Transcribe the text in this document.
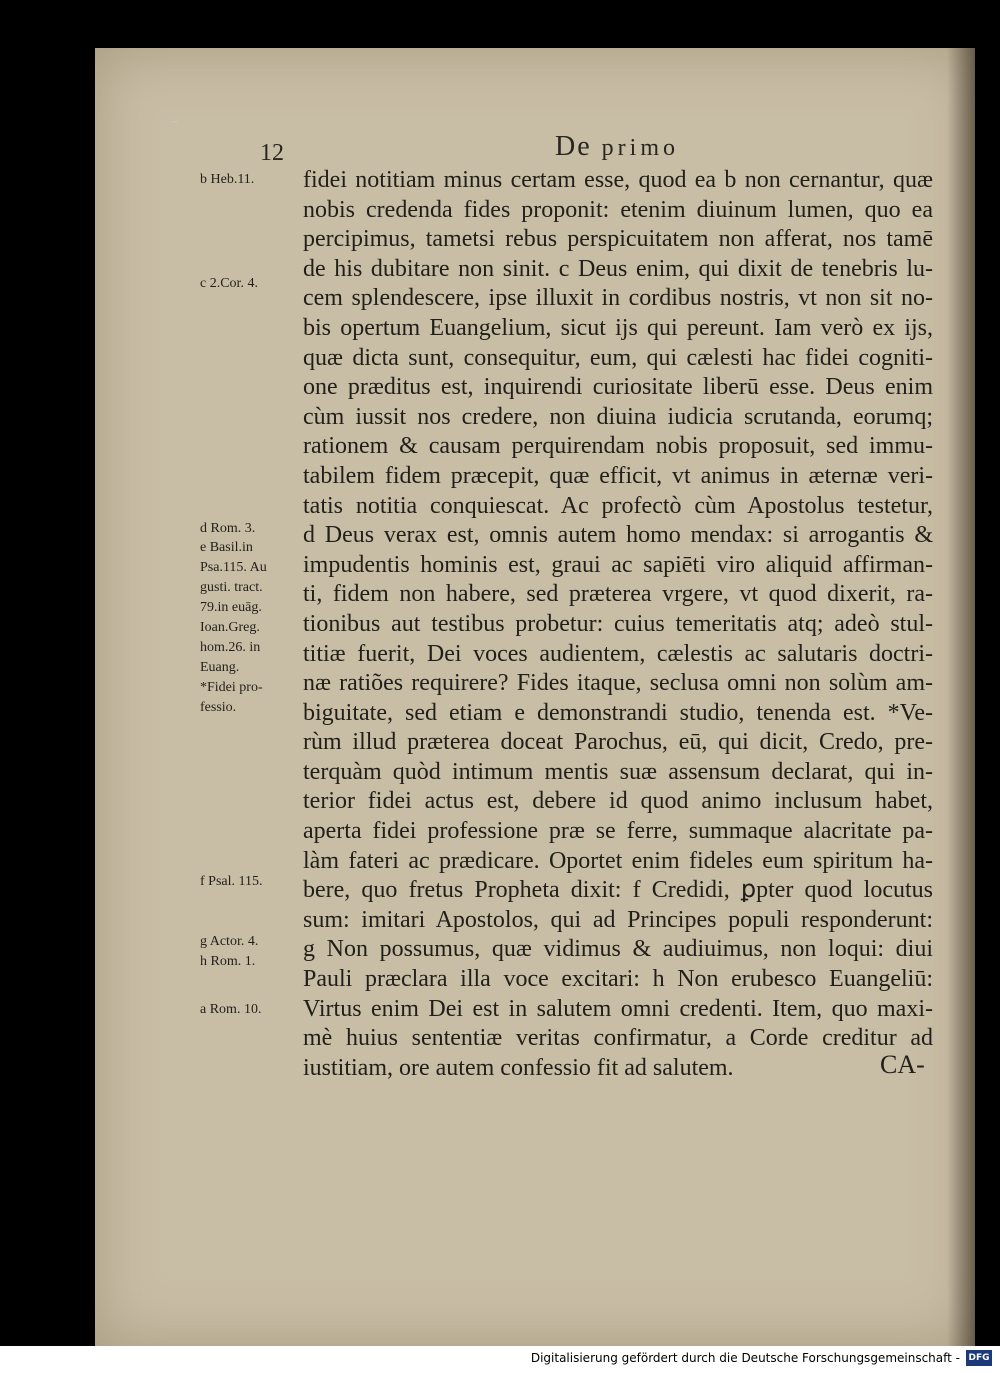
¨
12	De primo
b Heb.11.
c 2.Cor. 4.
d Rom. 3.
e Basil.in
Psa.115. Au
gusti. tract.
79.in euāg.
Ioan.Greg.
hom.26. in
Euang.
*Fidei pro-
fessio.
f Psal. 115.
g Actor. 4.
h Rom. 1.
a Rom. 10.
fidei notitiam minus certam esse, quod ea b non cernantur, quæ
nobis credenda fides proponit: etenim diuinum lumen, quo ea
percipimus, tametsi rebus perspicuitatem non afferat, nos tamē
de his dubitare non sinit. c Deus enim, qui dixit de tenebris lu-
cem splendescere, ipse illuxit in cordibus nostris, vt non sit no-
bis opertum Euangelium, sicut ijs qui pereunt. Iam verò ex ijs,
quæ dicta sunt, consequitur, eum, qui cælesti hac fidei cogniti-
one præditus est, inquirendi curiositate liberū esse. Deus enim
cùm iussit nos credere, non diuina iudicia scrutanda, eorumq;
rationem & causam perquirendam nobis proposuit, sed immu-
tabilem fidem præcepit, quæ efficit, vt animus in æternæ veri-
tatis notitia conquiescat. Ac profectò cùm Apostolus testetur,
d Deus verax est, omnis autem homo mendax: si arrogantis &
impudentis hominis est, graui ac sapiēti viro aliquid affirman-
ti, fidem non habere, sed præterea vrgere, vt quod dixerit, ra-
tionibus aut testibus probetur: cuius temeritatis atq; adeò stul-
titiæ fuerit, Dei voces audientem, cælestis ac salutaris doctri-
næ ratiões requirere? Fides itaque, seclusa omni non solùm am-
biguitate, sed etiam e demonstrandi studio, tenenda est. *Ve-
rùm illud præterea doceat Parochus, eū, qui dicit, Credo, pre-
terquàm quòd intimum mentis suæ assensum declarat, qui in-
terior fidei actus est, debere id quod animo inclusum habet,
aperta fidei professione præ se ferre, summaque alacritate pa-
làm fateri ac prædicare. Oportet enim fideles eum spiritum ha-
bere, quo fretus Propheta dixit: f Credidi, ꝑpter quod locutus
sum: imitari Apostolos, qui ad Principes populi responderunt:
g Non possumus, quæ vidimus & audiuimus, non loqui: diui
Pauli præclara illa voce excitari: h Non erubesco Euangeliū:
Virtus enim Dei est in salutem omni credenti. Item, quo maxi-
mè huius sententiæ veritas confirmatur, a Corde creditur ad
iustitiam, ore autem confessio fit ad salutem.	CA-
Digitalisierung gefördert durch die Deutsche Forschungsgemeinschaft - DFG
